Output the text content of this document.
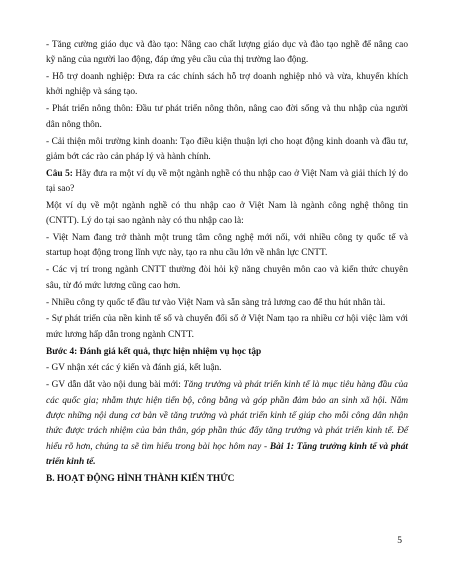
- Tăng cường giáo dục và đào tạo: Nâng cao chất lượng giáo dục và đào tạo nghề để nâng cao kỹ năng của người lao động, đáp ứng yêu cầu của thị trường lao động.

- Hỗ trợ doanh nghiệp: Đưa ra các chính sách hỗ trợ doanh nghiệp nhỏ và vừa, khuyến khích khởi nghiệp và sáng tạo.

- Phát triển nông thôn: Đầu tư phát triển nông thôn, nâng cao đời sống và thu nhập của người dân nông thôn.

- Cải thiện môi trường kinh doanh: Tạo điều kiện thuận lợi cho hoạt động kinh doanh và đầu tư, giảm bớt các rào cản pháp lý và hành chính.

Câu 5: Hãy đưa ra một ví dụ về một ngành nghề có thu nhập cao ở Việt Nam và giải thích lý do tại sao?

Một ví dụ về một ngành nghề có thu nhập cao ở Việt Nam là ngành công nghệ thông tin (CNTT). Lý do tại sao ngành này có thu nhập cao là:

- Việt Nam đang trở thành một trung tâm công nghệ mới nổi, với nhiều công ty quốc tế và startup hoạt động trong lĩnh vực này, tạo ra nhu cầu lớn về nhân lực CNTT.

- Các vị trí trong ngành CNTT thường đòi hỏi kỹ năng chuyên môn cao và kiến thức chuyên sâu, từ đó mức lương cũng cao hơn.

- Nhiều công ty quốc tế đầu tư vào Việt Nam và sẵn sàng trả lương cao để thu hút nhân tài.

- Sự phát triển của nền kinh tế số và chuyển đổi số ở Việt Nam tạo ra nhiều cơ hội việc làm với mức lương hấp dẫn trong ngành CNTT.

Bước 4: Đánh giá kết quả, thực hiện nhiệm vụ học tập

- GV nhận xét các ý kiến và đánh giá, kết luận.

- GV dẫn dắt vào nội dung bài mới: Tăng trưởng và phát triển kinh tế là mục tiêu hàng đầu của các quốc gia; nhằm thực hiện tiến bộ, công bằng và góp phần đảm bảo an sinh xã hội. Nắm được những nội dung cơ bản về tăng trưởng và phát triển kinh tế giúp cho mỗi công dân nhận thức được trách nhiệm của bản thân, góp phần thúc đẩy tăng trưởng và phát triển kinh tế. Để hiểu rõ hơn, chúng ta sẽ tìm hiểu trong bài học hôm nay - Bài 1: Tăng trưởng kinh tế và phát triển kinh tế.

B. HOẠT ĐỘNG HÌNH THÀNH KIẾN THỨC

5
